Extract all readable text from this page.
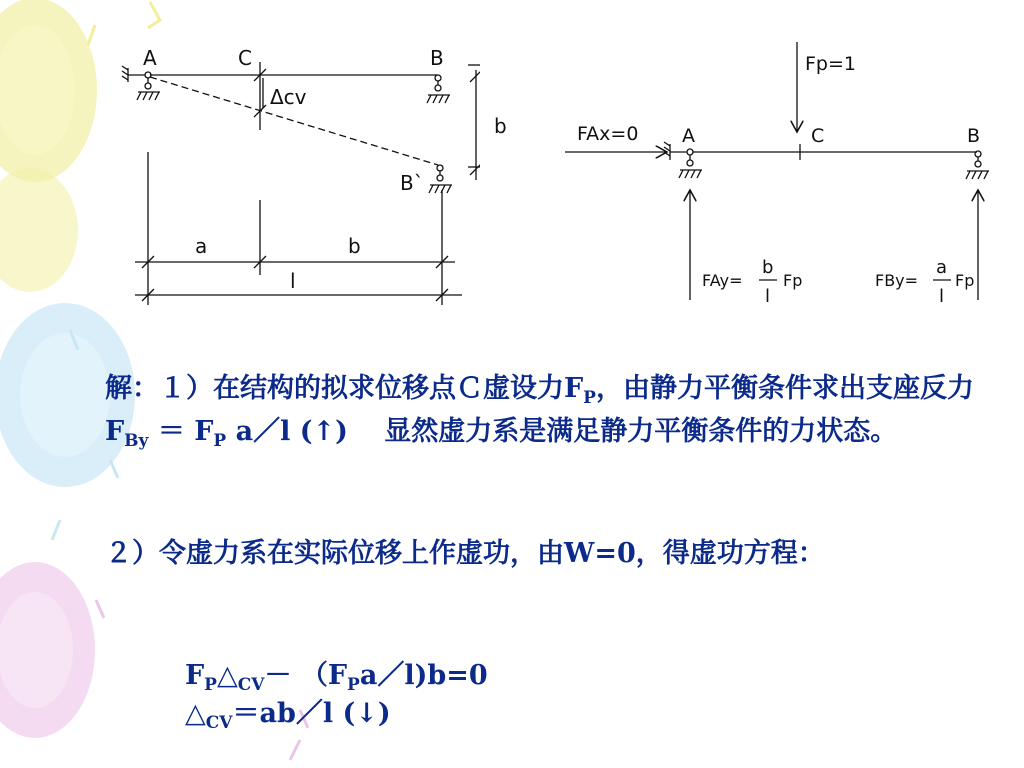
A	C	B
B`
Δcv
a	b
l
b
Fp=1
FAx=0 A	C	B
FAy=
b
l
Fp	FBy=
a
l
Fp
解：１）在结构的拟求位移点Ｃ虚设力$F_P$，由静力平衡条件求出支座反力　$F_{By} = F_P$ a／l (↑)　 显然虚力系是满足静力平衡条件的力状态。
２）令虚力系在实际位移上作虚功，由W=0，得虚功方程：
$F_P\triangle_{CV}-$ $(F_Pa/l)b=0$
$\triangle_{CV}=ab/l$ (↓)
